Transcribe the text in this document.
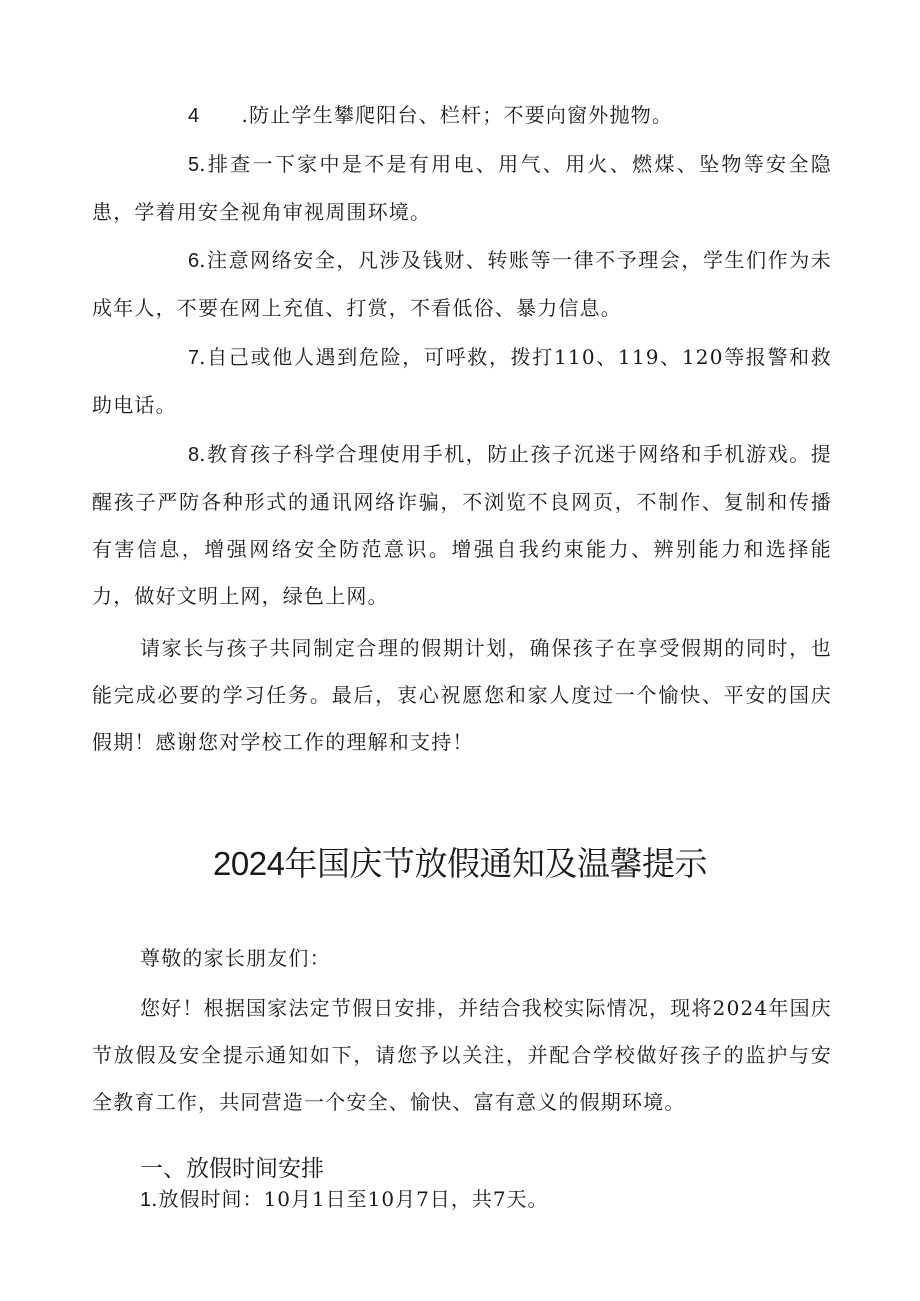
4　　.防止学生攀爬阳台、栏杆；不要向窗外抛物。

5.排查一下家中是不是有用电、用气、用火、燃煤、坠物等安全隐患，学着用安全视角审视周围环境。

6.注意网络安全，凡涉及钱财、转账等一律不予理会，学生们作为未成年人，不要在网上充值、打赏，不看低俗、暴力信息。

7.自己或他人遇到危险，可呼救，拨打110、119、120等报警和救助电话。

8.教育孩子科学合理使用手机，防止孩子沉迷于网络和手机游戏。提醒孩子严防各种形式的通讯网络诈骗，不浏览不良网页，不制作、复制和传播有害信息，增强网络安全防范意识。增强自我约束能力、辨别能力和选择能力，做好文明上网，绿色上网。

请家长与孩子共同制定合理的假期计划，确保孩子在享受假期的同时，也能完成必要的学习任务。最后，衷心祝愿您和家人度过一个愉快、平安的国庆假期！感谢您对学校工作的理解和支持！

2024年国庆节放假通知及温馨提示

尊敬的家长朋友们：

您好！根据国家法定节假日安排，并结合我校实际情况，现将2024年国庆节放假及安全提示通知如下，请您予以关注，并配合学校做好孩子的监护与安全教育工作，共同营造一个安全、愉快、富有意义的假期环境。

一、放假时间安排

1.放假时间：10月1日至10月7日，共7天。
